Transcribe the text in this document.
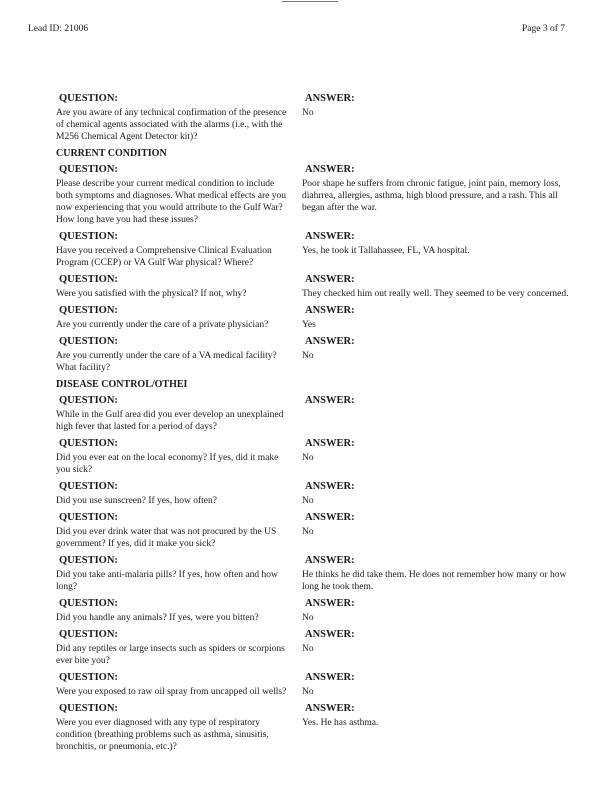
Lead ID: 21006	Page 3 of 7
QUESTION:
Are you aware of any technical confirmation of the presence of chemical agents associated with the alarms (i.e., with the M256 Chemical Agent Detector kit)?
ANSWER:
No
CURRENT CONDITION
QUESTION:
Please describe your current medical condition to include both symptoms and diagnoses. What medical effects are you now experiencing that you would attribute to the Gulf War? How long have you had these issues?
ANSWER:
Poor shape he suffers from chronic fatigue, joint pain, memory loss, diahrrea, allergies, asthma, high blood pressure, and a rash. This all began after the war.
QUESTION:
Have you received a Comprehensive Clinical Evaluation Program (CCEP) or VA Gulf War physical? Where?
ANSWER:
Yes, he took it Tallahassee, FL, VA hospital.
QUESTION:
Were you satisfied with the physical? If not, why?
ANSWER:
They checked him out really well. They seemed to be very concerned.
QUESTION:
Are you currently under the care of a private physician?
ANSWER:
Yes
QUESTION:
Are you currently under the care of a VA medical facility? What facility?
ANSWER:
No
DISEASE CONTROL/OTHEI
QUESTION:
While in the Gulf area did you ever develop an unexplained high fever that lasted for a period of days?
ANSWER:
QUESTION:
Did you ever eat on the local economy? If yes, did it make you sick?
ANSWER:
No
QUESTION:
Did you use sunscreen? If yes, how often?
ANSWER:
No
QUESTION:
Did you ever drink water that was not procured by the US government? If yes, did it make you sick?
ANSWER:
No
QUESTION:
Did you take anti-malaria pills? If yes, how often and how long?
ANSWER:
He thinks he did take them. He does not remember how many or how long he took them.
QUESTION:
Did you handle any animals? If yes, were you bitten?
ANSWER:
No
QUESTION:
Did any reptiles or large insects such as spiders or scorpions ever bite you?
ANSWER:
No
QUESTION:
Were you exposed to raw oil spray from uncapped oil wells?
ANSWER:
No
QUESTION:
Were you ever diagnosed with any type of respiratory condition (breathing problems such as asthma, sinusitis, bronchitis, or pneumonia, etc.)?
ANSWER:
Yes. He has asthma.
